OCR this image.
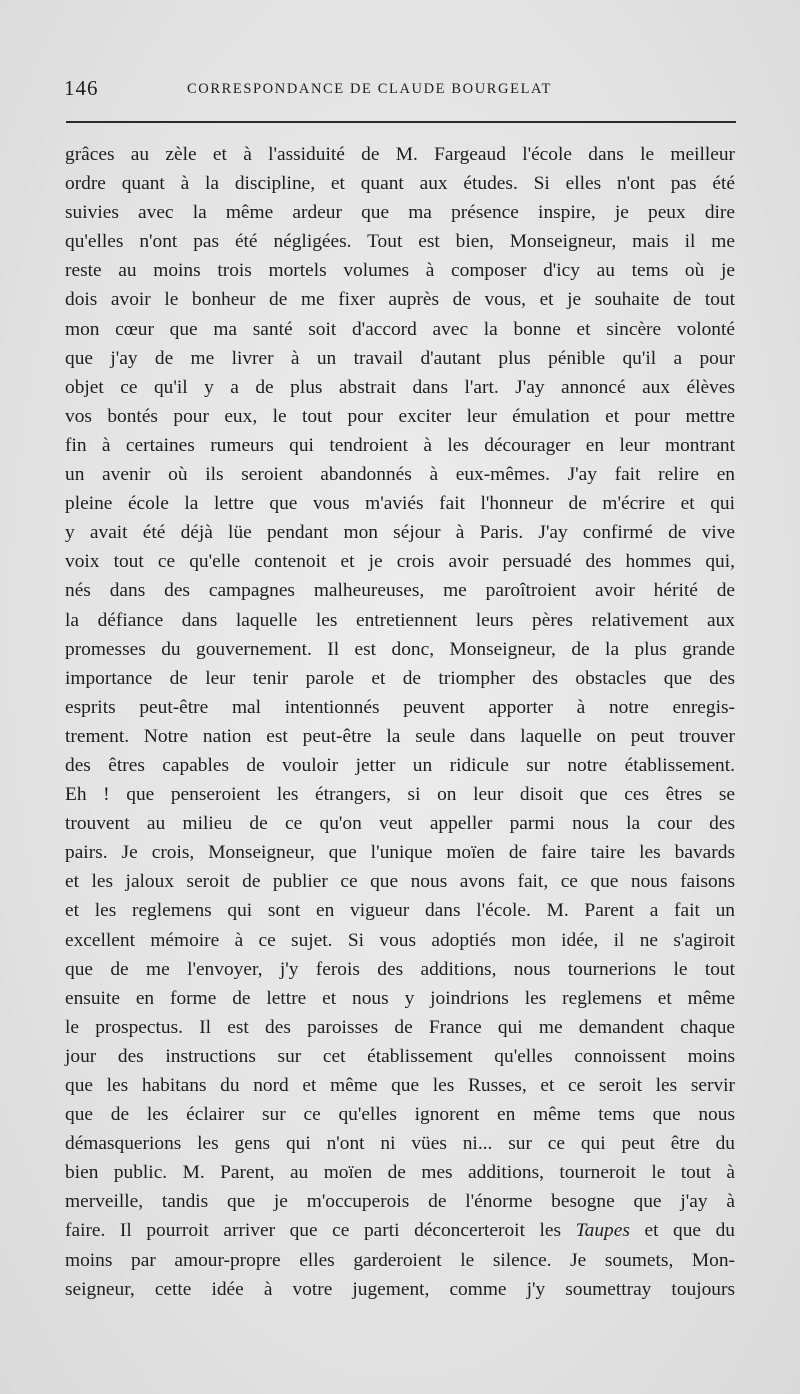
146	CORRESPONDANCE DE CLAUDE BOURGELAT
grâces au zèle et à l'assiduité de M. Fargeaud l'école dans le meilleur
ordre quant à la discipline, et quant aux études. Si elles n'ont pas été
suivies avec la même ardeur que ma présence inspire, je peux dire
qu'elles n'ont pas été négligées. Tout est bien, Monseigneur, mais il me
reste au moins trois mortels volumes à composer d'icy au tems où je
dois avoir le bonheur de me fixer auprès de vous, et je souhaite de tout
mon cœur que ma santé soit d'accord avec la bonne et sincère volonté
que j'ay de me livrer à un travail d'autant plus pénible qu'il a pour
objet ce qu'il y a de plus abstrait dans l'art. J'ay annoncé aux élèves
vos bontés pour eux, le tout pour exciter leur émulation et pour mettre
fin à certaines rumeurs qui tendroient à les décourager en leur montrant
un avenir où ils seroient abandonnés à eux-mêmes. J'ay fait relire en
pleine école la lettre que vous m'aviés fait l'honneur de m'écrire et qui
y avait été déjà lüe pendant mon séjour à Paris. J'ay confirmé de vive
voix tout ce qu'elle contenoit et je crois avoir persuadé des hommes qui,
nés dans des campagnes malheureuses, me paroîtroient avoir hérité de
la défiance dans laquelle les entretiennent leurs pères relativement aux
promesses du gouvernement. Il est donc, Monseigneur, de la plus grande
importance de leur tenir parole et de triompher des obstacles que des
esprits peut-être mal intentionnés peuvent apporter à notre enregis-
trement. Notre nation est peut-être la seule dans laquelle on peut trouver
des êtres capables de vouloir jetter un ridicule sur notre établissement.
Eh ! que penseroient les étrangers, si on leur disoit que ces êtres se
trouvent au milieu de ce qu'on veut appeller parmi nous la cour des
pairs. Je crois, Monseigneur, que l'unique moïen de faire taire les bavards
et les jaloux seroit de publier ce que nous avons fait, ce que nous faisons
et les reglemens qui sont en vigueur dans l'école. M. Parent a fait un
excellent mémoire à ce sujet. Si vous adoptiés mon idée, il ne s'agiroit
que de me l'envoyer, j'y ferois des additions, nous tournerions le tout
ensuite en forme de lettre et nous y joindrions les reglemens et même
le prospectus. Il est des paroisses de France qui me demandent chaque
jour des instructions sur cet établissement qu'elles connoissent moins
que les habitans du nord et même que les Russes, et ce seroit les servir
que de les éclairer sur ce qu'elles ignorent en même tems que nous
démasquerions les gens qui n'ont ni vües ni... sur ce qui peut être du
bien public. M. Parent, au moïen de mes additions, tourneroit le tout à
merveille, tandis que je m'occuperois de l'énorme besogne que j'ay à
faire. Il pourroit arriver que ce parti déconcerteroit les Taupes et que du
moins par amour-propre elles garderoient le silence. Je soumets, Mon-
seigneur, cette idée à votre jugement, comme j'y soumettray toujours
